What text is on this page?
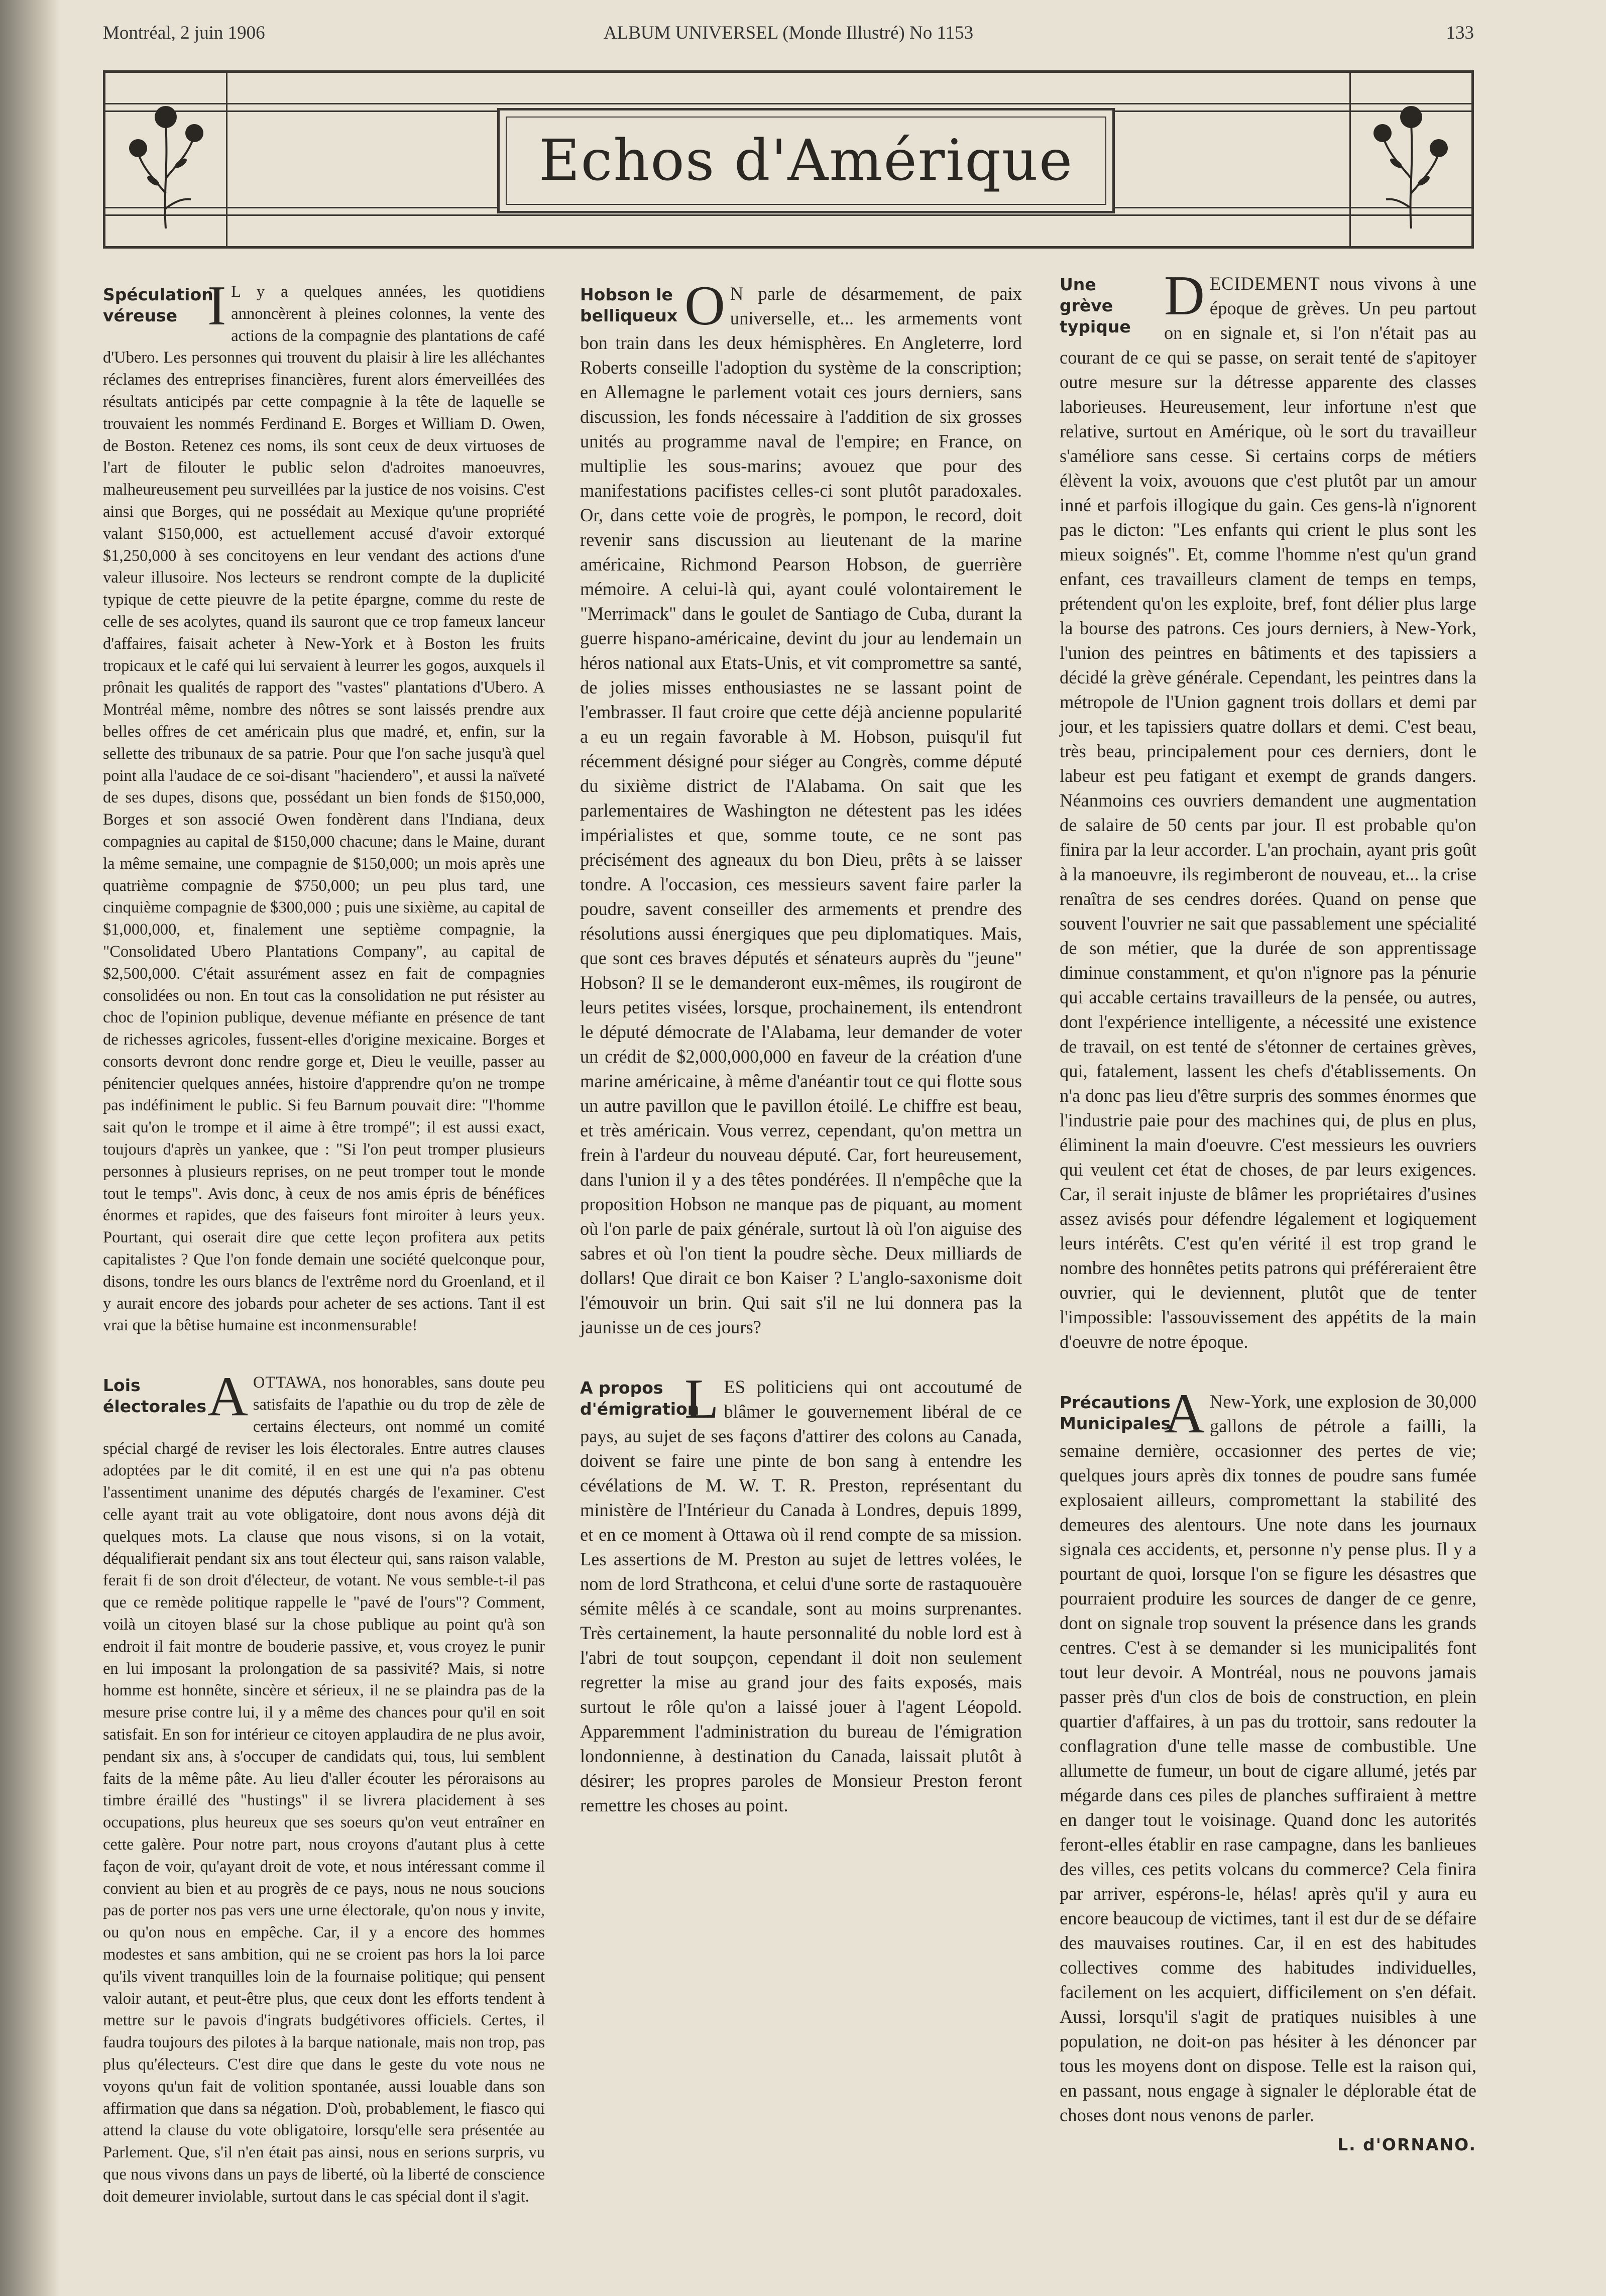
Montréal, 2 juin 1906	ALBUM UNIVERSEL (Monde Illustré) No 1153	133
Echos d'Amérique

Spéculation véreuse I L y a quelques années, les quotidiens annoncèrent à pleines colonnes, la vente des actions de la compagnie des plantations de café d'Ubero. Les personnes qui trouvent du plaisir à lire les alléchantes réclames des entreprises financières, furent alors émerveillées des résultats anticipés par cette compagnie à la tête de laquelle se trouvaient les nommés Ferdinand E. Borges et William D. Owen, de Boston. Retenez ces noms, ils sont ceux de deux virtuoses de l'art de filouter le public selon d'adroites manoeuvres, malheureusement peu surveillées par la justice de nos voisins. C'est ainsi que Borges, qui ne possédait au Mexique qu'une propriété valant $150,000, est actuellement accusé d'avoir extorqué $1,250,000 à ses concitoyens en leur vendant des actions d'une valeur illusoire. Nos lecteurs se rendront compte de la duplicité typique de cette pieuvre de la petite épargne, comme du reste de celle de ses acolytes, quand ils sauront que ce trop fameux lanceur d'affaires, faisait acheter à New-York et à Boston les fruits tropicaux et le café qui lui servaient à leurrer les gogos, auxquels il prônait les qualités de rapport des "vastes" plantations d'Ubero. A Montréal même, nombre des nôtres se sont laissés prendre aux belles offres de cet américain plus que madré, et, enfin, sur la sellette des tribunaux de sa patrie. Pour que l'on sache jusqu'à quel point alla l'audace de ce soi-disant "haciendero", et aussi la naïveté de ses dupes, disons que, possédant un bien fonds de $150,000, Borges et son associé Owen fondèrent dans l'Indiana, deux compagnies au capital de $150,000 chacune; dans le Maine, durant la même semaine, une compagnie de $150,000; un mois après une quatrième compagnie de $750,000; un peu plus tard, une cinquième compagnie de $300,000 ; puis une sixième, au capital de $1,000,000, et, finalement une septième compagnie, la "Consolidated Ubero Plantations Company", au capital de $2,500,000. C'était assurément assez en fait de compagnies consolidées ou non. En tout cas la consolidation ne put résister au choc de l'opinion publique, devenue méfiante en présence de tant de richesses agricoles, fussent-elles d'origine mexicaine. Borges et consorts devront donc rendre gorge et, Dieu le veuille, passer au pénitencier quelques années, histoire d'apprendre qu'on ne trompe pas indéfiniment le public. Si feu Barnum pouvait dire: "l'homme sait qu'on le trompe et il aime à être trompé"; il est aussi exact, toujours d'après un yankee, que : "Si l'on peut tromper plusieurs personnes à plusieurs reprises, on ne peut tromper tout le monde tout le temps". Avis donc, à ceux de nos amis épris de bénéfices énormes et rapides, que des faiseurs font miroiter à leurs yeux. Pourtant, qui oserait dire que cette leçon profitera aux petits capitalistes ? Que l'on fonde demain une société quelconque pour, disons, tondre les ours blancs de l'extrême nord du Groenland, et il y aurait encore des jobards pour acheter de ses actions. Tant il est vrai que la bêtise humaine est inconmensurable!

Lois électorales A OTTAWA, nos honorables, sans doute peu satisfaits de l'apathie ou du trop de zèle de certains électeurs, ont nommé un comité spécial chargé de reviser les lois électorales. Entre autres clauses adoptées par le dit comité, il en est une qui n'a pas obtenu l'assentiment unanime des députés chargés de l'examiner. C'est celle ayant trait au vote obligatoire, dont nous avons déjà dit quelques mots. La clause que nous visons, si on la votait, déqualifierait pendant six ans tout électeur qui, sans raison valable, ferait fi de son droit d'électeur, de votant. Ne vous semble-t-il pas que ce remède politique rappelle le "pavé de l'ours"? Comment, voilà un citoyen blasé sur la chose publique au point qu'à son endroit il fait montre de bouderie passive, et, vous croyez le punir en lui imposant la prolongation de sa passivité? Mais, si notre homme est honnête, sincère et sérieux, il ne se plaindra pas de la mesure prise contre lui, il y a même des chances pour qu'il en soit satisfait. En son for intérieur ce citoyen applaudira de ne plus avoir, pendant six ans, à s'occuper de candidats qui, tous, lui semblent faits de la même pâte. Au lieu d'aller écouter les péroraisons au timbre éraillé des "hustings" il se livrera placidement à ses occupations, plus heureux que ses soeurs qu'on veut entraîner en cette galère. Pour notre part, nous croyons d'autant plus à cette façon de voir, qu'ayant droit de vote, et nous intéressant comme il convient au bien et au progrès de ce pays, nous ne nous soucions pas de porter nos pas vers une urne électorale, qu'on nous y invite, ou qu'on nous en empêche. Car, il y a encore des hommes modestes et sans ambition, qui ne se croient pas hors la loi parce qu'ils vivent tranquilles loin de la fournaise politique; qui pensent valoir autant, et peut-être plus, que ceux dont les efforts tendent à mettre sur le pavois d'ingrats budgétivores officiels. Certes, il faudra toujours des pilotes à la barque nationale, mais non trop, pas plus qu'électeurs. C'est dire que dans le geste du vote nous ne voyons qu'un fait de volition spontanée, aussi louable dans son affirmation que dans sa négation. D'où, probablement, le fiasco qui attend la clause du vote obligatoire, lorsqu'elle sera présentée au Parlement. Que, s'il n'en était pas ainsi, nous en serions surpris, vu que nous vivons dans un pays de liberté, où la liberté de conscience doit demeurer inviolable, surtout dans le cas spécial dont il s'agit.

Hobson le belliqueux O N parle de désarmement, de paix universelle, et... les armements vont bon train dans les deux hémisphères. En Angleterre, lord Roberts conseille l'adoption du système de la conscription; en Allemagne le parlement votait ces jours derniers, sans discussion, les fonds nécessaire à l'addition de six grosses unités au programme naval de l'empire; en France, on multiplie les sous-marins; avouez que pour des manifestations pacifistes celles-ci sont plutôt paradoxales. Or, dans cette voie de progrès, le pompon, le record, doit revenir sans discussion au lieutenant de la marine américaine, Richmond Pearson Hobson, de guerrière mémoire. A celui-là qui, ayant coulé volontairement le "Merrimack" dans le goulet de Santiago de Cuba, durant la guerre hispano-américaine, devint du jour au lendemain un héros national aux Etats-Unis, et vit compromettre sa santé, de jolies misses enthousiastes ne se lassant point de l'embrasser. Il faut croire que cette déjà ancienne popularité a eu un regain favorable à M. Hobson, puisqu'il fut récemment désigné pour siéger au Congrès, comme député du sixième district de l'Alabama. On sait que les parlementaires de Washington ne détestent pas les idées impérialistes et que, somme toute, ce ne sont pas précisément des agneaux du bon Dieu, prêts à se laisser tondre. A l'occasion, ces messieurs savent faire parler la poudre, savent conseiller des armements et prendre des résolutions aussi énergiques que peu diplomatiques. Mais, que sont ces braves députés et sénateurs auprès du "jeune" Hobson? Il se le demanderont eux-mêmes, ils rougiront de leurs petites visées, lorsque, prochainement, ils entendront le député démocrate de l'Alabama, leur demander de voter un crédit de $2,000,000,000 en faveur de la création d'une marine américaine, à même d'anéantir tout ce qui flotte sous un autre pavillon que le pavillon étoilé. Le chiffre est beau, et très américain. Vous verrez, cependant, qu'on mettra un frein à l'ardeur du nouveau député. Car, fort heureusement, dans l'union il y a des têtes pondérées. Il n'empêche que la proposition Hobson ne manque pas de piquant, au moment où l'on parle de paix générale, surtout là où l'on aiguise des sabres et où l'on tient la poudre sèche. Deux milliards de dollars! Que dirait ce bon Kaiser ? L'anglo-saxonisme doit l'émouvoir un brin. Qui sait s'il ne lui donnera pas la jaunisse un de ces jours?

A propos d'émigration
L ES politiciens qui ont accoutumé de blâmer le gouvernement libéral de ce pays, au sujet de ses façons d'attirer des colons au Canada, doivent se faire une pinte de bon sang à entendre les cévélations de M. W. T. R. Preston, représentant du ministère de l'Intérieur du Canada à Londres, depuis 1899, et en ce moment à Ottawa où il rend compte de sa mission. Les assertions de M. Preston au sujet de lettres volées, le nom de lord Strathcona, et celui d'une sorte de rastaquouère sémite mêlés à ce scandale, sont au moins surprenantes. Très certainement, la haute personnalité du noble lord est à l'abri de tout soupçon, cependant il doit non seulement regretter la mise au grand jour des faits exposés, mais surtout le rôle qu'on a laissé jouer à l'agent Léopold. Apparemment l'administration du bureau de l'émigration londonnienne, à destination du Canada, laissait plutôt à désirer; les propres paroles de Monsieur Preston feront remettre les choses au point.

Une grève typique D ECIDEMENT nous vivons à une époque de grèves. Un peu partout on en signale et, si l'on n'était pas au courant de ce qui se passe, on serait tenté de s'apitoyer outre mesure sur la détresse apparente des classes laborieuses. Heureusement, leur infortune n'est que relative, surtout en Amérique, où le sort du travailleur s'améliore sans cesse. Si certains corps de métiers élèvent la voix, avouons que c'est plutôt par un amour inné et parfois illogique du gain. Ces gens-là n'ignorent pas le dicton: "Les enfants qui crient le plus sont les mieux soignés". Et, comme l'homme n'est qu'un grand enfant, ces travailleurs clament de temps en temps, prétendent qu'on les exploite, bref, font délier plus large la bourse des patrons. Ces jours derniers, à New-York, l'union des peintres en bâtiments et des tapissiers a décidé la grève générale. Cependant, les peintres dans la métropole de l'Union gagnent trois dollars et demi par jour, et les tapissiers quatre dollars et demi. C'est beau, très beau, principalement pour ces derniers, dont le labeur est peu fatigant et exempt de grands dangers. Néanmoins ces ouvriers demandent une augmentation de salaire de 50 cents par jour. Il est probable qu'on finira par la leur accorder. L'an prochain, ayant pris goût à la manoeuvre, ils regimberont de nouveau, et... la crise renaîtra de ses cendres dorées. Quand on pense que souvent l'ouvrier ne sait que passablement une spécialité de son métier, que la durée de son apprentissage diminue constamment, et qu'on n'ignore pas la pénurie qui accable certains travailleurs de la pensée, ou autres, dont l'expérience intelligente, a nécessité une existence de travail, on est tenté de s'étonner de certaines grèves, qui, fatalement, lassent les chefs d'établissements. On n'a donc pas lieu d'être surpris des sommes énormes que l'industrie paie pour des machines qui, de plus en plus, éliminent la main d'oeuvre. C'est messieurs les ouvriers qui veulent cet état de choses, de par leurs exigences. Car, il serait injuste de blâmer les propriétaires d'usines assez avisés pour défendre légalement et logiquement leurs intérêts. C'est qu'en vérité il est trop grand le nombre des honnêtes petits patrons qui préféreraient être ouvrier, qui le deviennent, plutôt que de tenter l'impossible: l'assouvissement des appétits de la main d'oeuvre de notre époque.

Précautions Municipales
A New-York, une explosion de 30,000 gallons de pétrole a failli, la semaine dernière, occasionner des pertes de vie; quelques jours après dix tonnes de poudre sans fumée explosaient ailleurs, compromettant la stabilité des demeures des alentours. Une note dans les journaux signala ces accidents, et, personne n'y pense plus. Il y a pourtant de quoi, lorsque l'on se figure les désastres que pourraient produire les sources de danger de ce genre, dont on signale trop souvent la présence dans les grands centres. C'est à se demander si les municipalités font tout leur devoir. A Montréal, nous ne pouvons jamais passer près d'un clos de bois de construction, en plein quartier d'affaires, à un pas du trottoir, sans redouter la conflagration d'une telle masse de combustible. Une allumette de fumeur, un bout de cigare allumé, jetés par mégarde dans ces piles de planches suffiraient à mettre en danger tout le voisinage. Quand donc les autorités feront-elles établir en rase campagne, dans les banlieues des villes, ces petits volcans du commerce? Cela finira par arriver, espérons-le, hélas! après qu'il y aura eu encore beaucoup de victimes, tant il est dur de se défaire des mauvaises routines. Car, il en est des habitudes collectives comme des habitudes individuelles, facilement on les acquiert, difficilement on s'en défait. Aussi, lorsqu'il s'agit de pratiques nuisibles à une population, ne doit-on pas hésiter à les dénoncer par tous les moyens dont on dispose. Telle est la raison qui, en passant, nous engage à signaler le déplorable état de choses dont nous venons de parler.

L. d'ORNANO.
